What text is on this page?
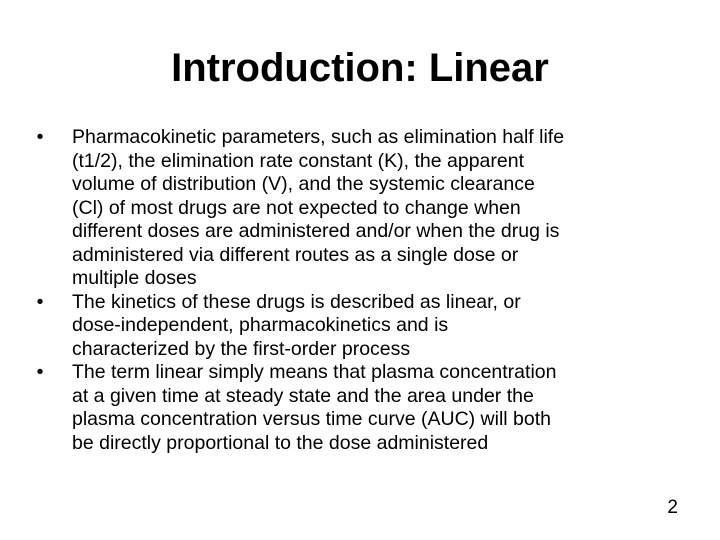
Introduction: Linear
•	Pharmacokinetic parameters, such as elimination half life
(t1/2), the elimination rate constant (K), the apparent
volume of distribution (V), and the systemic clearance
(Cl) of most drugs are not expected to change when
different doses are administered and/or when the drug is
administered via different routes as a single dose or
multiple doses
•	The kinetics of these drugs is described as linear, or
dose-independent, pharmacokinetics and is
characterized by the first-order process
•	The term linear simply means that plasma concentration
at a given time at steady state and the area under the
plasma concentration versus time curve (AUC) will both
be directly proportional to the dose administered
2
